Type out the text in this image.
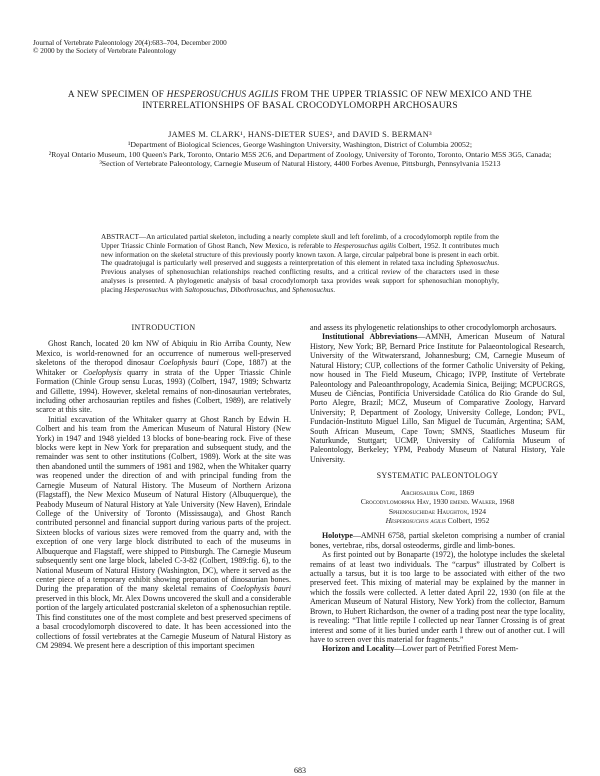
Journal of Vertebrate Paleontology 20(4):683–704, December 2000
© 2000 by the Society of Vertebrate Paleontology
A NEW SPECIMEN OF HESPEROSUCHUS AGILIS FROM THE UPPER TRIASSIC OF NEW MEXICO AND THE INTERRELATIONSHIPS OF BASAL CROCODYLOMORPH ARCHOSAURS
JAMES M. CLARK¹, HANS-DIETER SUES², and DAVID S. BERMAN³
¹Department of Biological Sciences, George Washington University, Washington, District of Columbia 20052;
²Royal Ontario Museum, 100 Queen's Park, Toronto, Ontario M5S 2C6, and Department of Zoology, University of Toronto, Toronto, Ontario M5S 3G5, Canada;
³Section of Vertebrate Paleontology, Carnegie Museum of Natural History, 4400 Forbes Avenue, Pittsburgh, Pennsylvania 15213
ABSTRACT—An articulated partial skeleton, including a nearly complete skull and left forelimb, of a crocodylomorph reptile from the Upper Triassic Chinle Formation of Ghost Ranch, New Mexico, is referable to Hesperosuchus agilis Colbert, 1952. It contributes much new information on the skeletal structure of this previously poorly known taxon. A large, circular palpebral bone is present in each orbit. The quadratojugal is particularly well preserved and suggests a reinterpretation of this element in related taxa including Sphenosuchus. Previous analyses of sphenosuchian relationships reached conflicting results, and a critical review of the characters used in these analyses is presented. A phylogenetic analysis of basal crocodylomorph taxa provides weak support for sphenosuchian monophyly, placing Hesperosuchus with Saltoposuchus, Dibothrosuchus, and Sphenosuchus.
INTRODUCTION

Ghost Ranch, located 20 km NW of Abiquiu in Rio Arriba County, New Mexico, is world-renowned for an occurrence of numerous well-preserved skeletons of the theropod dinosaur Coelophysis bauri (Cope, 1887) at the Whitaker or Coelophysis quarry in strata of the Upper Triassic Chinle Formation (Chinle Group sensu Lucas, 1993) (Colbert, 1947, 1989; Schwartz and Gillette, 1994). However, skeletal remains of non-dinosaurian vertebrates, including other archosaurian reptiles and fishes (Colbert, 1989), are relatively scarce at this site.

Initial excavation of the Whitaker quarry at Ghost Ranch by Edwin H. Colbert and his team from the American Museum of Natural History (New York) in 1947 and 1948 yielded 13 blocks of bone-bearing rock. Five of these blocks were kept in New York for preparation and subsequent study, and the remainder was sent to other institutions (Colbert, 1989). Work at the site was then abandoned until the summers of 1981 and 1982, when the Whitaker quarry was reopened under the direction of and with principal funding from the Carnegie Museum of Natural History. The Museum of Northern Arizona (Flagstaff), the New Mexico Museum of Natural History (Albuquerque), the Peabody Museum of Natural History at Yale University (New Haven), Erindale College of the University of Toronto (Mississauga), and Ghost Ranch contributed personnel and financial support during various parts of the project. Sixteen blocks of various sizes were removed from the quarry and, with the exception of one very large block distributed to each of the museums in Albuquerque and Flagstaff, were shipped to Pittsburgh. The Carnegie Museum subsequently sent one large block, labeled C-3-82 (Colbert, 1989:fig. 6), to the National Museum of Natural History (Washington, DC), where it served as the center piece of a temporary exhibit showing preparation of dinosaurian bones. During the preparation of the many skeletal remains of Coelophysis bauri preserved in this block, Mr. Alex Downs uncovered the skull and a considerable portion of the largely articulated postcranial skeleton of a sphenosuchian reptile. This find constitutes one of the most complete and best preserved specimens of a basal crocodylomorph discovered to date. It has been accessioned into the collections of fossil vertebrates at the Carnegie Museum of Natural History as CM 29894. We present here a description of this important specimen

and assess its phylogenetic relationships to other crocodylomorph archosaurs.

Institutional Abbreviations—AMNH, American Museum of Natural History, New York; BP, Bernard Price Institute for Palaeontological Research, University of the Witwatersrand, Johannesburg; CM, Carnegie Museum of Natural History; CUP, collections of the former Catholic University of Peking, now housed in The Field Museum, Chicago; IVPP, Institute of Vertebrate Paleontology and Paleoanthropology, Academia Sinica, Beijing; MCPUCRGS, Museu de Ciências, Pontifícia Universidade Católica do Rio Grande do Sul, Porto Alegre, Brazil; MCZ, Museum of Comparative Zoology, Harvard University; P, Department of Zoology, University College, London; PVL, Fundación-Instituto Miguel Lillo, San Miguel de Tucumán, Argentina; SAM, South African Museum, Cape Town; SMNS, Staatliches Museum für Naturkunde, Stuttgart; UCMP, University of California Museum of Paleontology, Berkeley; YPM, Peabody Museum of Natural History, Yale University.

SYSTEMATIC PALEONTOLOGY
Archosauria Cope, 1869
Crocodylomorpha Hay, 1930 emend. Walker, 1968
Sphenosuchidae Haughton, 1924
Hesperosuchus agilis Colbert, 1952

Holotype—AMNH 6758, partial skeleton comprising a number of cranial bones, vertebrae, ribs, dorsal osteoderms, girdle and limb-bones.

As first pointed out by Bonaparte (1972), the holotype includes the skeletal remains of at least two individuals. The “carpus” illustrated by Colbert is actually a tarsus, but it is too large to be associated with either of the two preserved feet. This mixing of material may be explained by the manner in which the fossils were collected. A letter dated April 22, 1930 (on file at the American Museum of Natural History, New York) from the collector, Barnum Brown, to Hubert Richardson, the owner of a trading post near the type locality, is revealing: “That little reptile I collected up near Tanner Crossing is of great interest and some of it lies buried under earth I threw out of another cut. I will have to screen over this material for fragments.”

Horizon and Locality—Lower part of Petrified Forest Mem-

683
